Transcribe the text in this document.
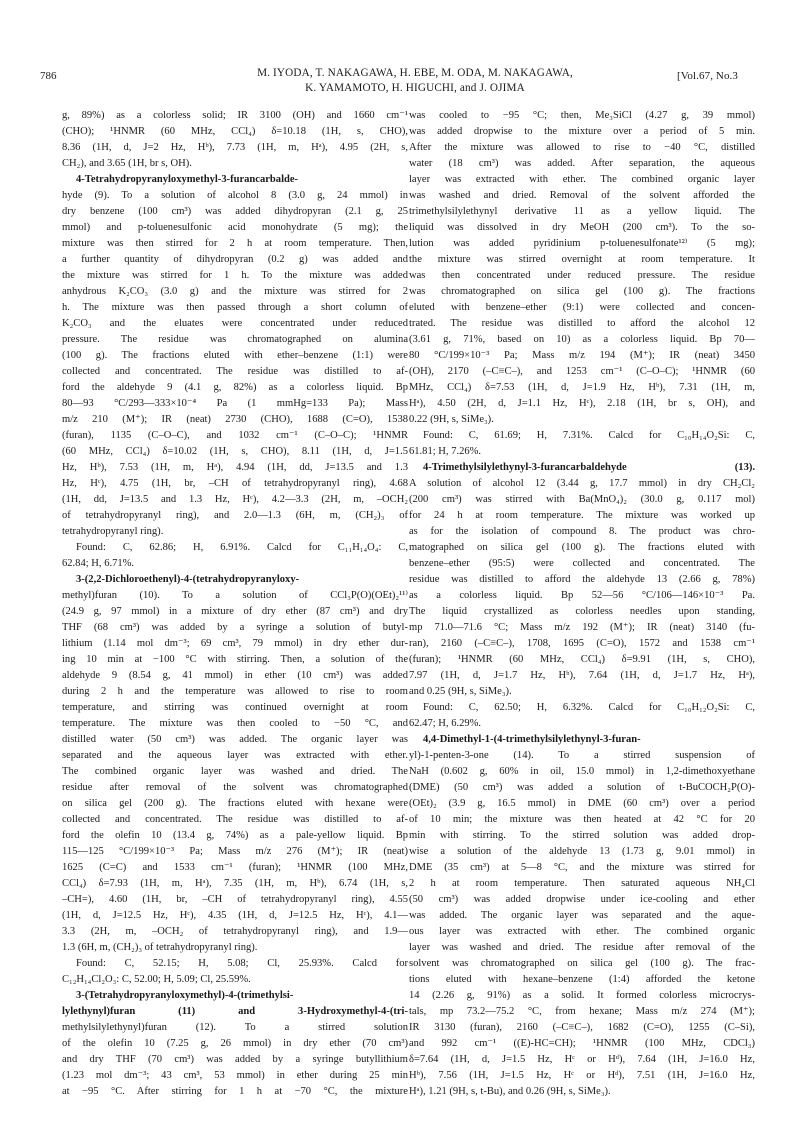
786	M. IYODA, T. NAKAGAWA, H. EBE, M. ODA, M. NAKAGAWA,
K. YAMAMOTO, H. HIGUCHI, and J. OJIMA
[Vol.67, No.3
g, 89%) as a colorless solid; IR 3100 (OH) and 1660 cm⁻¹
(CHO); ¹HNMR (60 MHz, CCl₄) δ=10.18 (1H, s, CHO),
8.36 (1H, d, J=2 Hz, Hᵇ), 7.73 (1H, m, Hᵃ), 4.95 (2H, s,
CH₂), and 3.65 (1H, br s, OH).
4-Tetrahydropyranyloxymethyl-3-furancarbalde-
hyde (9). To a solution of alcohol 8 (3.0 g, 24 mmol) in
dry benzene (100 cm³) was added dihydropyran (2.1 g, 25
mmol) and p-toluenesulfonic acid monohydrate (5 mg); the
mixture was then stirred for 2 h at room temperature. Then,
a further quantity of dihydropyran (0.2 g) was added and
the mixture was stirred for 1 h. To the mixture was added
anhydrous K₂CO₃ (3.0 g) and the mixture was stirred for 2
h. The mixture was then passed through a short column of
K₂CO₃ and the eluates were concentrated under reduced
pressure. The residue was chromatographed on alumina
(100 g). The fractions eluted with ether–benzene (1:1) were
collected and concentrated. The residue was distilled to af-
ford the aldehyde 9 (4.1 g, 82%) as a colorless liquid. Bp
80—93 °C/293—333×10⁻⁴ Pa (1 mmHg=133 Pa); Mass
m/z 210 (M⁺); IR (neat) 2730 (CHO), 1688 (C=O), 1538
(furan), 1135 (C–O–C), and 1032 cm⁻¹ (C–O–C); ¹HNMR
(60 MHz, CCl₄) δ=10.02 (1H, s, CHO), 8.11 (1H, d, J=1.5
Hz, Hᵇ), 7.53 (1H, m, Hᵃ), 4.94 (1H, dd, J=13.5 and 1.3
Hz, Hᶜ), 4.75 (1H, br, –CH of tetrahydropyranyl ring), 4.68
(1H, dd, J=13.5 and 1.3 Hz, Hᶜ), 4.2—3.3 (2H, m, –OCH₂
of tetrahydropyranyl ring), and 2.0—1.3 (6H, m, (CH₂)₃ of
tetrahydropyranyl ring).
Found: C, 62.86; H, 6.91%. Calcd for C₁₁H₁₄O₄: C,
62.84; H, 6.71%.
3-(2,2-Dichloroethenyl)-4-(tetrahydropyranyloxy-
methyl)furan (10). To a solution of CCl₃P(O)(OEt)₂¹¹⁾
(24.9 g, 97 mmol) in a mixture of dry ether (87 cm³) and dry
THF (68 cm³) was added by a syringe a solution of butyl-
lithium (1.14 mol dm⁻³; 69 cm³, 79 mmol) in dry ether dur-
ing 10 min at −100 °C with stirring. Then, a solution of the
aldehyde 9 (8.54 g, 41 mmol) in ether (10 cm³) was added
during 2 h and the temperature was allowed to rise to room
temperature, and stirring was continued overnight at room
temperature. The mixture was then cooled to −50 °C, and
distilled water (50 cm³) was added. The organic layer was
separated and the aqueous layer was extracted with ether.
The combined organic layer was washed and dried. The
residue after removal of the solvent was chromatographed
on silica gel (200 g). The fractions eluted with hexane were
collected and concentrated. The residue was distilled to af-
ford the olefin 10 (13.4 g, 74%) as a pale-yellow liquid. Bp
115—125 °C/199×10⁻³ Pa; Mass m/z 276 (M⁺); IR (neat)
1625 (C=C) and 1533 cm⁻¹ (furan); ¹HNMR (100 MHz,
CCl₄) δ=7.93 (1H, m, Hᵃ), 7.35 (1H, m, Hᵇ), 6.74 (1H, s,
–CH=), 4.60 (1H, br, –CH of tetrahydropyranyl ring), 4.55
(1H, d, J=12.5 Hz, Hᶜ), 4.35 (1H, d, J=12.5 Hz, Hᶜ), 4.1—
3.3 (2H, m, –OCH₂ of tetrahydropyranyl ring), and 1.9—
1.3 (6H, m, (CH₂)₃ of tetrahydropyranyl ring).
Found: C, 52.15; H, 5.08; Cl, 25.93%. Calcd for
C₁₂H₁₄Cl₂O₃: C, 52.00; H, 5.09; Cl, 25.59%.
3-(Tetrahydropyranyloxymethyl)-4-(trimethylsi-
lylethynyl)furan (11) and 3-Hydroxymethyl-4-(tri-
methylsilylethynyl)furan (12). To a stirred solution
of the olefin 10 (7.25 g, 26 mmol) in dry ether (70 cm³)
and dry THF (70 cm³) was added by a syringe butyllithium
(1.23 mol dm⁻³; 43 cm³, 53 mmol) in ether during 25 min
at −95 °C. After stirring for 1 h at −70 °C, the mixture
was cooled to −95 °C; then, Me₃SiCl (4.27 g, 39 mmol)
was added dropwise to the mixture over a period of 5 min.
After the mixture was allowed to rise to −40 °C, distilled
water (18 cm³) was added. After separation, the aqueous
layer was extracted with ether. The combined organic layer
was washed and dried. Removal of the solvent afforded the
trimethylsilylethynyl derivative 11 as a yellow liquid. The
liquid was dissolved in dry MeOH (200 cm³). To the so-
lution was added pyridinium p-toluenesulfonate¹²⁾ (5 mg);
the mixture was stirred overnight at room temperature. It
was then concentrated under reduced pressure. The residue
was chromatographed on silica gel (100 g). The fractions
eluted with benzene–ether (9:1) were collected and concen-
trated. The residue was distilled to afford the alcohol 12
(3.61 g, 71%, based on 10) as a colorless liquid. Bp 70—
80 °C/199×10⁻³ Pa; Mass m/z 194 (M⁺); IR (neat) 3450
(OH), 2170 (–C≡C–), and 1253 cm⁻¹ (C–O–C); ¹HNMR (60
MHz, CCl₄) δ=7.53 (1H, d, J=1.9 Hz, Hᵇ), 7.31 (1H, m,
Hᵃ), 4.50 (2H, d, J=1.1 Hz, Hᶜ), 2.18 (1H, br s, OH), and
0.22 (9H, s, SiMe₃).
Found: C, 61.69; H, 7.31%. Calcd for C₁₀H₁₄O₂Si: C,
61.81; H, 7.26%.
4-Trimethylsilylethynyl-3-furancarbaldehyde (13).
A solution of alcohol 12 (3.44 g, 17.7 mmol) in dry CH₂Cl₂
(200 cm³) was stirred with Ba(MnO₄)₂ (30.0 g, 0.117 mol)
for 24 h at room temperature. The mixture was worked up
as for the isolation of compound 8. The product was chro-
matographed on silica gel (100 g). The fractions eluted with
benzene–ether (95:5) were collected and concentrated. The
residue was distilled to afford the aldehyde 13 (2.66 g, 78%)
as a colorless liquid. Bp 52—56 °C/106—146×10⁻³ Pa.
The liquid crystallized as colorless needles upon standing,
mp 71.0—71.6 °C; Mass m/z 192 (M⁺); IR (neat) 3140 (fu-
ran), 2160 (–C≡C–), 1708, 1695 (C=O), 1572 and 1538 cm⁻¹
(furan); ¹HNMR (60 MHz, CCl₄) δ=9.91 (1H, s, CHO),
7.97 (1H, d, J=1.7 Hz, Hᵇ), 7.64 (1H, d, J=1.7 Hz, Hᵃ),
and 0.25 (9H, s, SiMe₃).
Found: C, 62.50; H, 6.32%. Calcd for C₁₀H₁₂O₂Si: C,
62.47; H, 6.29%.
4,4-Dimethyl-1-(4-trimethylsilylethynyl-3-furan-
yl)-1-penten-3-one (14). To a stirred suspension of
NaH (0.602 g, 60% in oil, 15.0 mmol) in 1,2-dimethoxyethane
(DME) (50 cm³) was added a solution of t-BuCOCH₂P(O)-
(OEt)₂ (3.9 g, 16.5 mmol) in DME (60 cm³) over a period
of 10 min; the mixture was then heated at 42 °C for 20
min with stirring. To the stirred solution was added drop-
wise a solution of the aldehyde 13 (1.73 g, 9.01 mmol) in
DME (35 cm³) at 5—8 °C, and the mixture was stirred for
2 h at room temperature. Then saturated aqueous NH₄Cl
(50 cm³) was added dropwise under ice-cooling and ether
was added. The organic layer was separated and the aque-
ous layer was extracted with ether. The combined organic
layer was washed and dried. The residue after removal of the
solvent was chromatographed on silica gel (100 g). The frac-
tions eluted with hexane–benzene (1:4) afforded the ketone
14 (2.26 g, 91%) as a solid. It formed colorless microcrys-
tals, mp 73.2—75.2 °C, from hexane; Mass m/z 274 (M⁺);
IR 3130 (furan), 2160 (–C≡C–), 1682 (C=O), 1255 (C–Si),
and 992 cm⁻¹ ((E)-HC=CH); ¹HNMR (100 MHz, CDCl₃)
δ=7.64 (1H, d, J=1.5 Hz, Hᶜ or Hᵈ), 7.64 (1H, J=16.0 Hz,
Hᵇ), 7.56 (1H, J=1.5 Hz, Hᶜ or Hᵈ), 7.51 (1H, J=16.0 Hz,
Hᵃ), 1.21 (9H, s, t-Bu), and 0.26 (9H, s, SiMe₃).
